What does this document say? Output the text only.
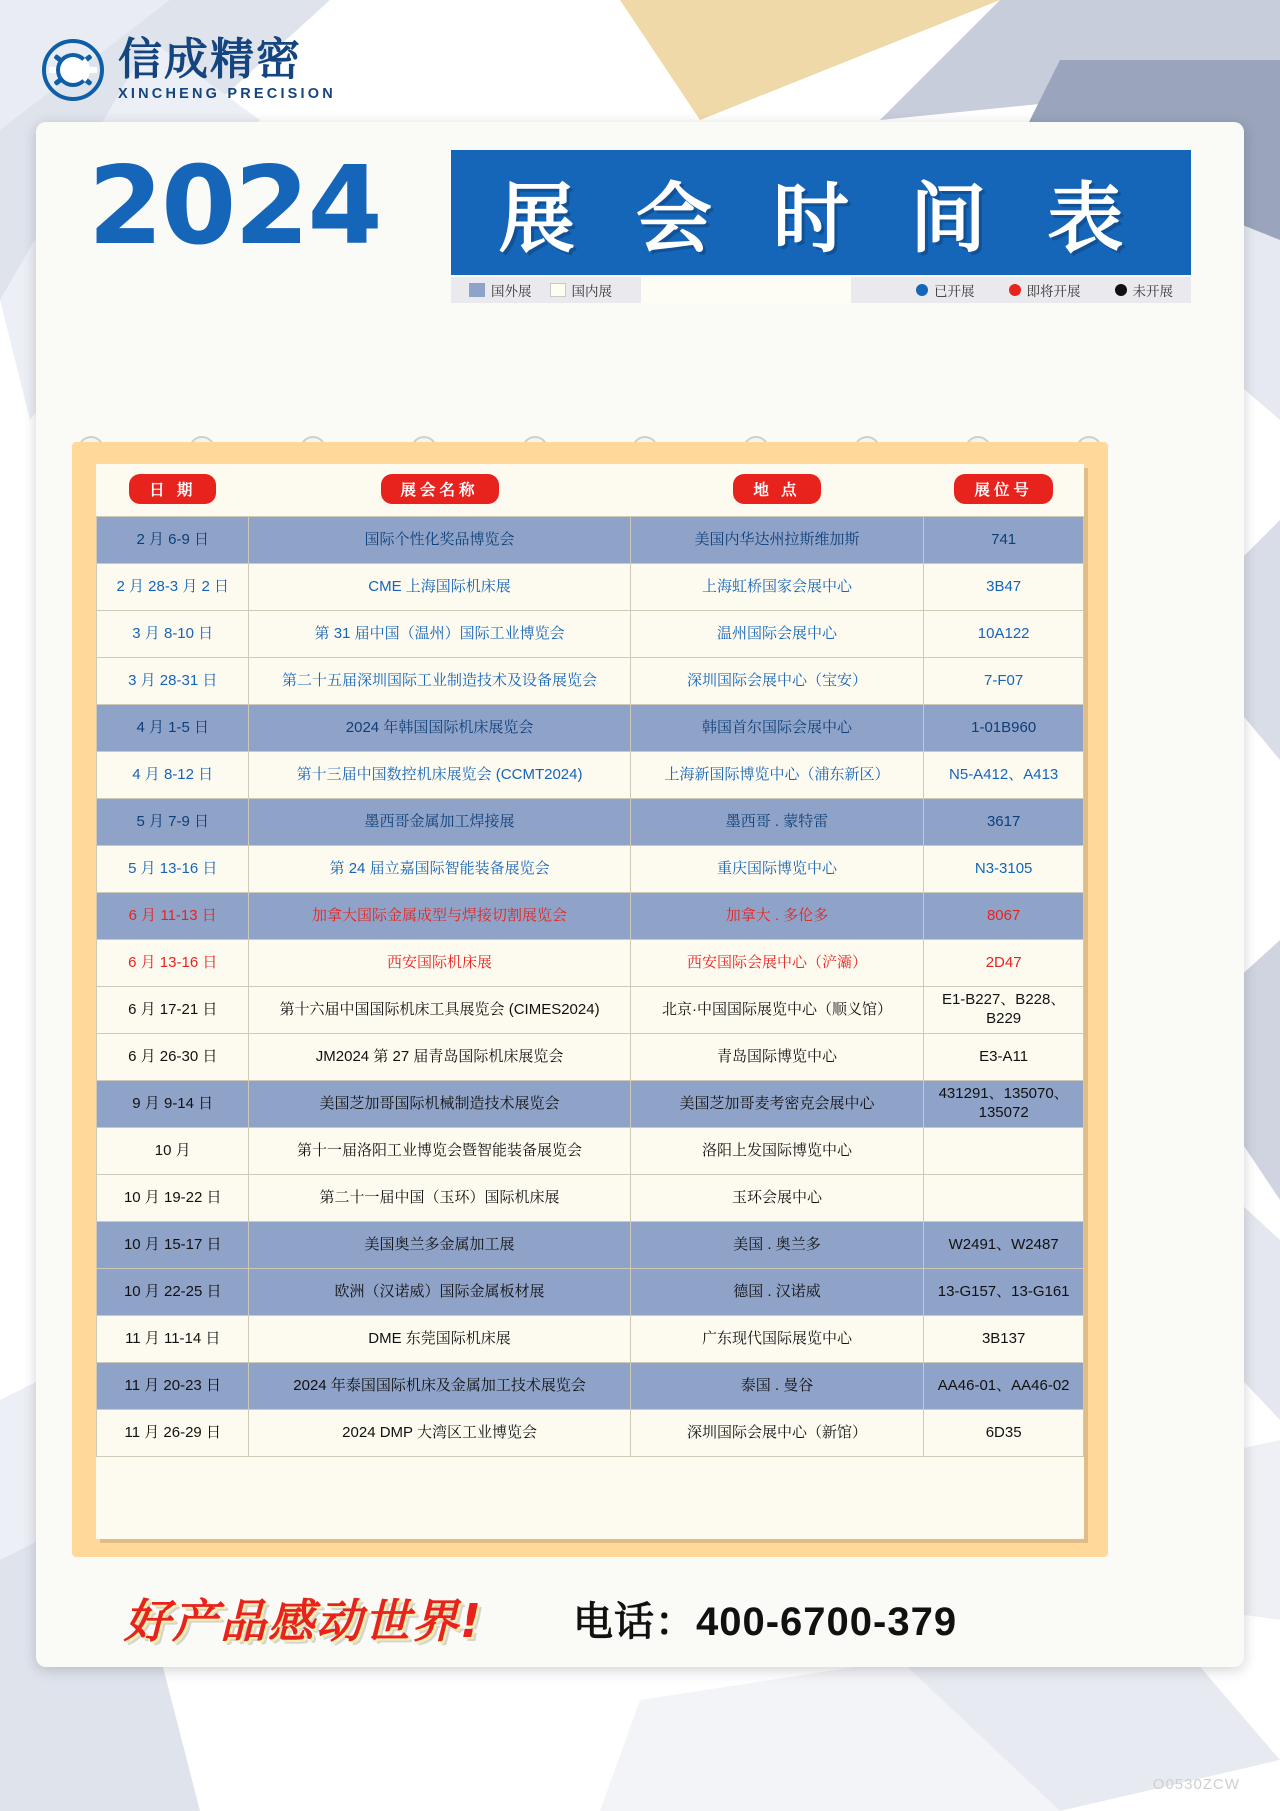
信成精密
XINCHENG PRECISION
2024 展 会 时 间 表
国外展	国内展	已开展	即将开展	未开展
日 期	展会名称	地 点	展位号
2 月 6-9 日	国际个性化奖品博览会	美国内华达州拉斯维加斯	741
2 月 28-3 月 2 日	CME 上海国际机床展	上海虹桥国家会展中心	3B47
3 月 8-10 日	第 31 届中国（温州）国际工业博览会	温州国际会展中心	10A122
3 月 28-31 日	第二十五届深圳国际工业制造技术及设备展览会	深圳国际会展中心（宝安）	7-F07
4 月 1-5 日	2024 年韩国国际机床展览会	韩国首尔国际会展中心	1-01B960
4 月 8-12 日	第十三届中国数控机床展览会 (CCMT2024)	上海新国际博览中心（浦东新区）	N5-A412、A413
5 月 7-9 日	墨西哥金属加工焊接展	墨西哥 . 蒙特雷	3617
5 月 13-16 日	第 24 届立嘉国际智能装备展览会	重庆国际博览中心	N3-3105
6 月 11-13 日	加拿大国际金属成型与焊接切割展览会	加拿大 . 多伦多	8067
6 月 13-16 日	西安国际机床展	西安国际会展中心（浐灞）	2D47
6 月 17-21 日	第十六届中国国际机床工具展览会 (CIMES2024)	北京·中国国际展览中心（顺义馆）	E1-B227、B228、B229
6 月 26-30 日	JM2024 第 27 届青岛国际机床展览会	青岛国际博览中心	E3-A11
9 月 9-14 日	美国芝加哥国际机械制造技术展览会	美国芝加哥麦考密克会展中心	431291、135070、135072
10 月	第十一届洛阳工业博览会暨智能装备展览会	洛阳上发国际博览中心	
10 月 19-22 日	第二十一届中国（玉环）国际机床展	玉环会展中心	
10 月 15-17 日	美国奥兰多金属加工展	美国 . 奥兰多	W2491、W2487
10 月 22-25 日	欧洲（汉诺威）国际金属板材展	德国 . 汉诺威	13-G157、13-G161
11 月 11-14 日	DME 东莞国际机床展	广东现代国际展览中心	3B137
11 月 20-23 日	2024 年泰国国际机床及金属加工技术展览会	泰国 . 曼谷	AA46-01、AA46-02
11 月 26-29 日	2024 DMP 大湾区工业博览会	深圳国际会展中心（新馆）	6D35
好产品感动世界! 电话：400-6700-379
O0530ZCW
